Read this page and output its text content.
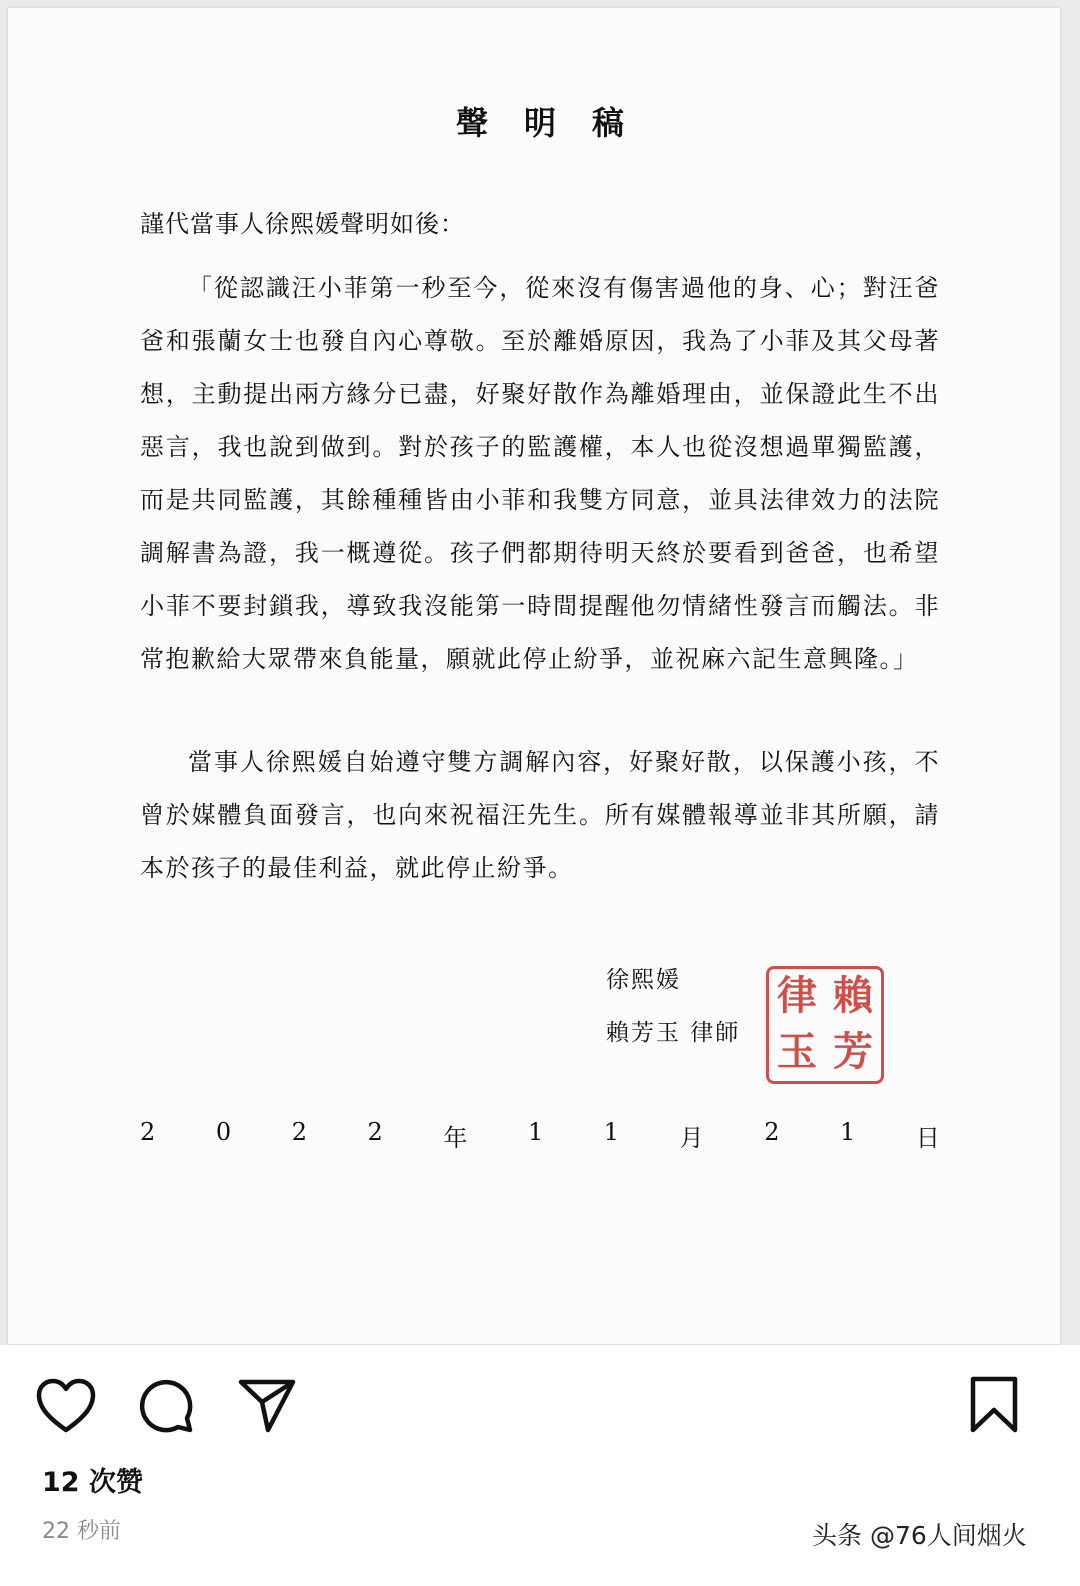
聲明稿
謹代當事人徐熙媛聲明如後：
「從認識汪小菲第一秒至今，從來沒有傷害過他的身、心；對汪爸爸和張蘭女士也發自內心尊敬。至於離婚原因，我為了小菲及其父母著想，主動提出兩方緣分已盡，好聚好散作為離婚理由，並保證此生不出惡言，我也說到做到。對於孩子的監護權，本人也從沒想過單獨監護，而是共同監護，其餘種種皆由小菲和我雙方同意，並具法律效力的法院調解書為證，我一概遵從。孩子們都期待明天終於要看到爸爸，也希望小菲不要封鎖我，導致我沒能第一時間提醒他勿情緒性發言而觸法。非常抱歉給大眾帶來負能量，願就此停止紛爭，並祝麻六記生意興隆。」
當事人徐熙媛自始遵守雙方調解內容，好聚好散，以保護小孩，不曾於媒體負面發言，也向來祝福汪先生。所有媒體報導並非其所願，請本於孩子的最佳利益，就此停止紛爭。
徐熙媛
賴芳玉 律師
律 賴
玉 芳
2	0	2	2	年	1	1	月	2	1	日
12 次赞
22 秒前	头条 @76人间烟火
